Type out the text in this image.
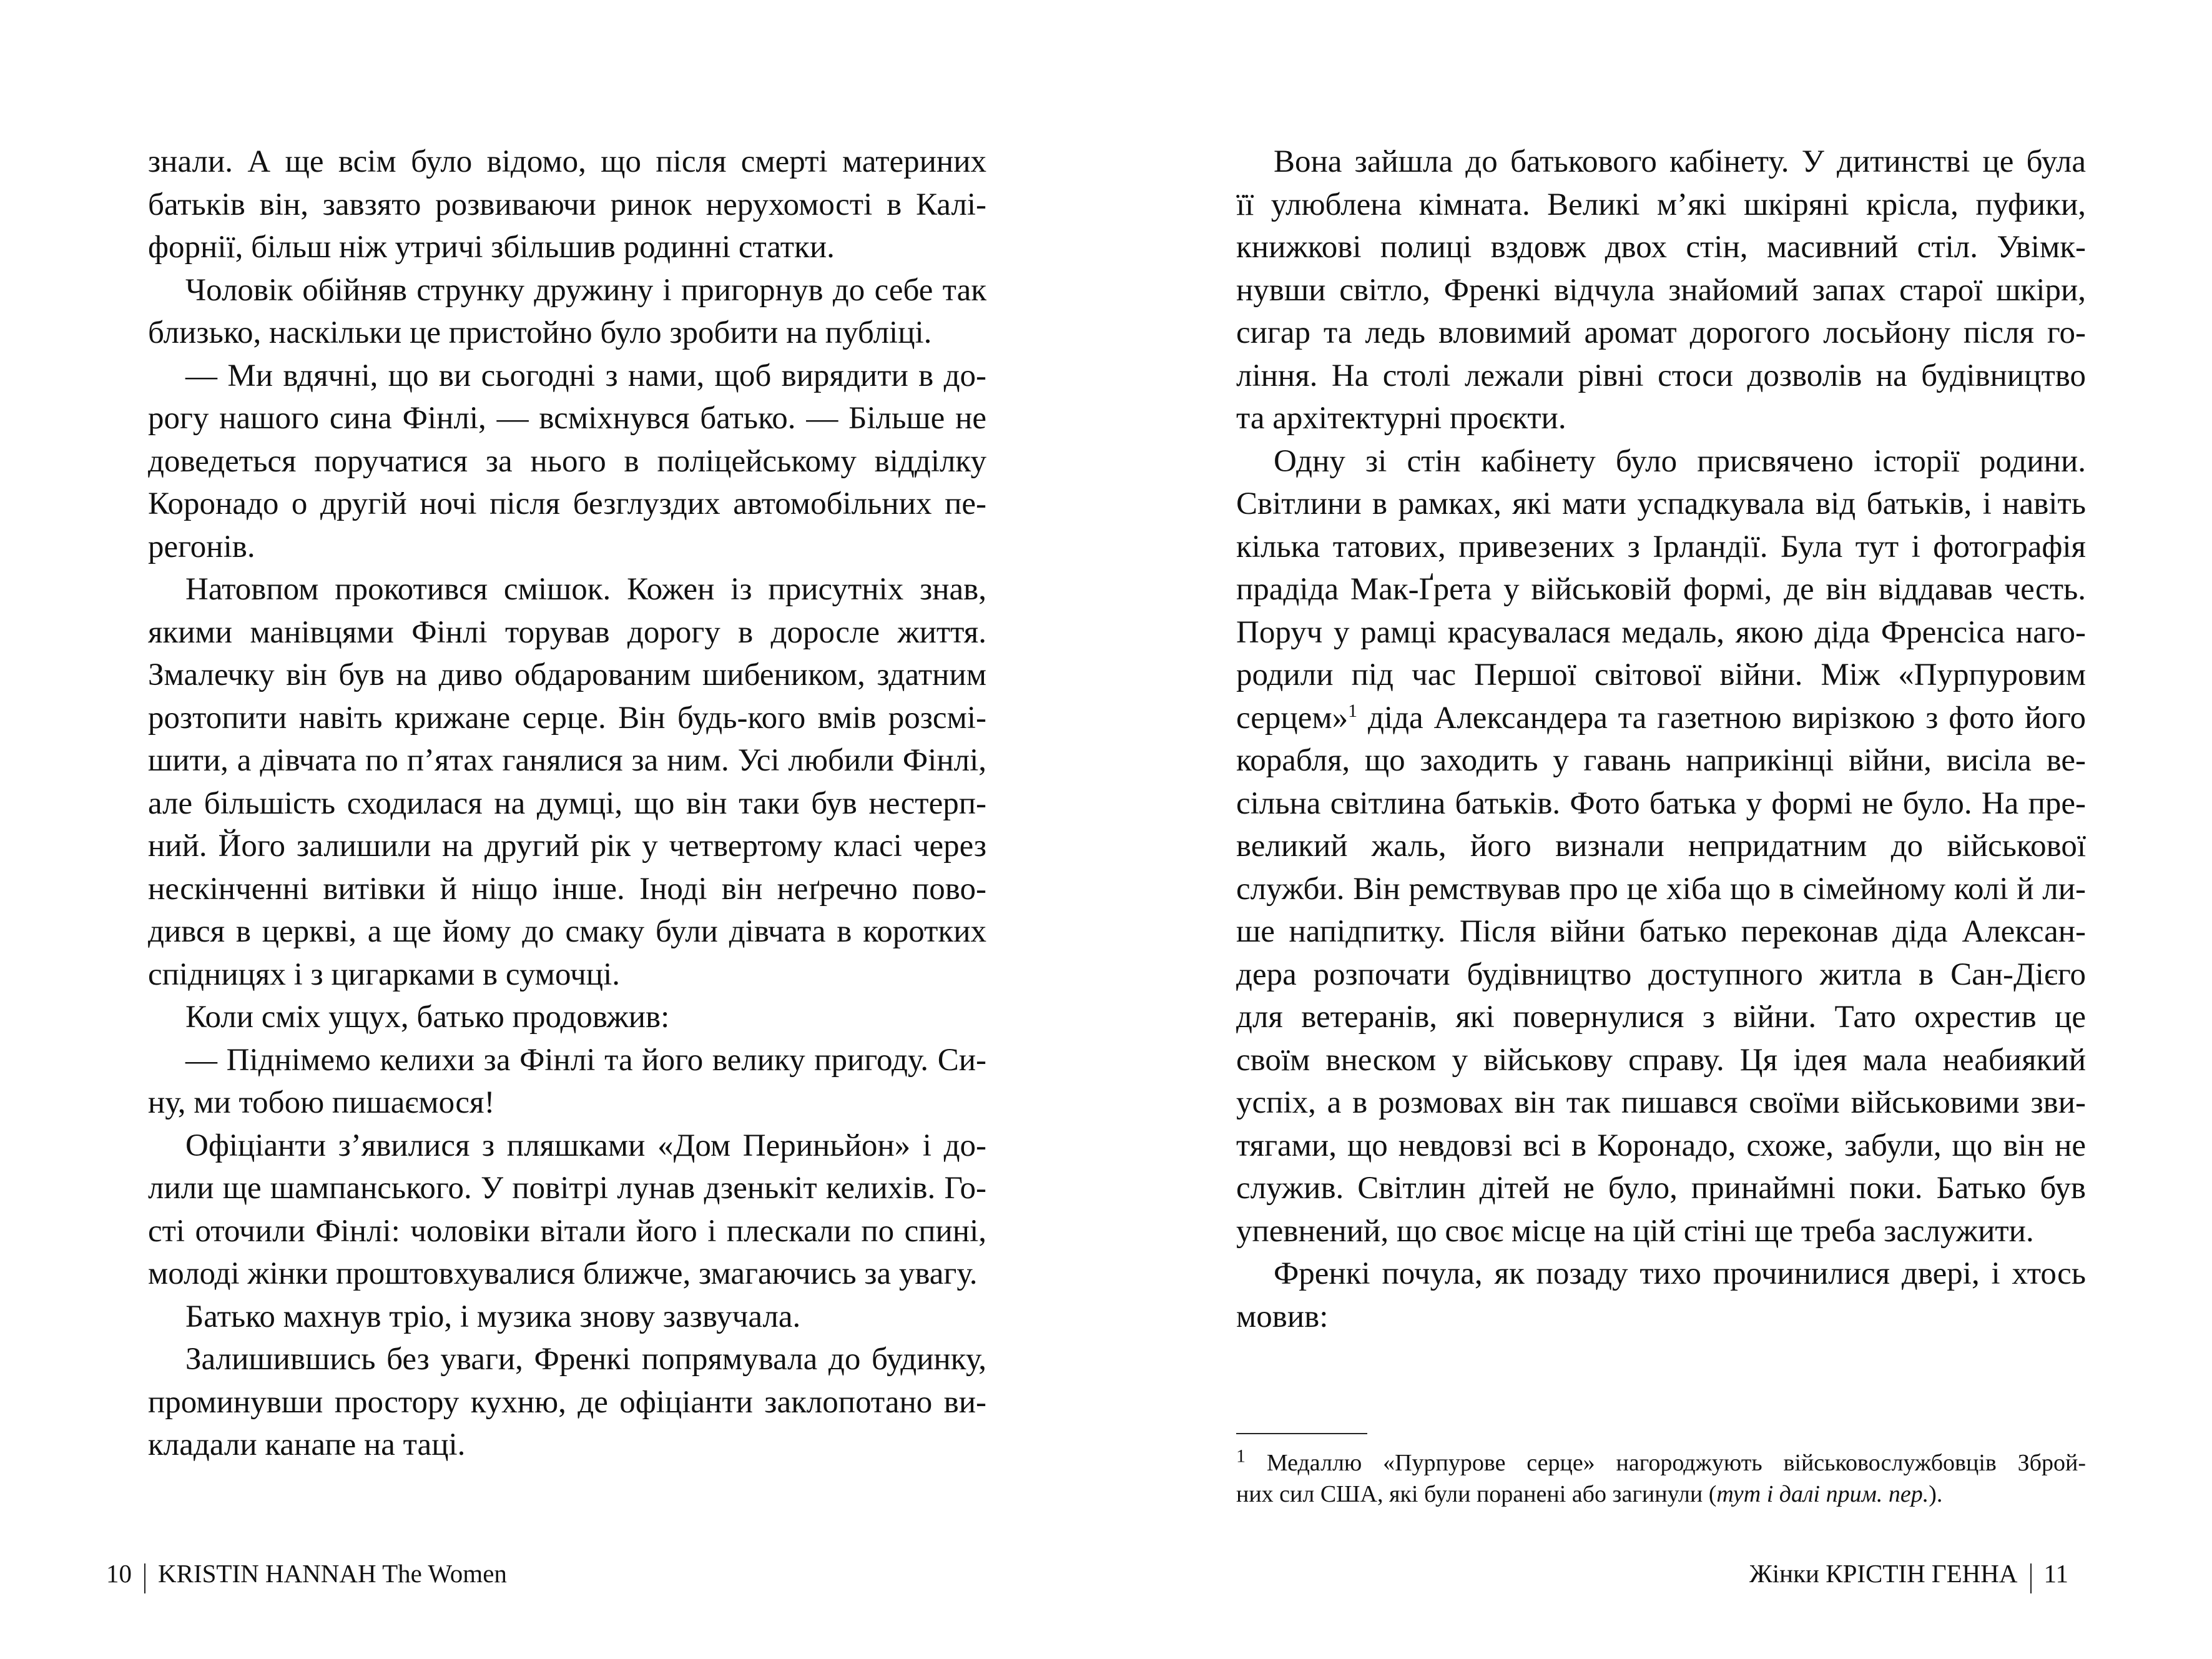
знали. А ще всім було відомо, що після смерті материних
батьків він, завзято розвиваючи ринок нерухомості в Калі-
форнії, більш ніж утричі збільшив родинні статки.
Чоловік обійняв струнку дружину і пригорнув до себе так
близько, наскільки це пристойно було зробити на публіці.
— Ми вдячні, що ви сьогодні з нами, щоб вирядити в до-
рогу нашого сина Фінлі, — всміхнувся батько. — Більше не
доведеться поручатися за нього в поліцейському відділку
Коронадо о другій ночі після безглуздих автомобільних пе-
регонів.
Натовпом прокотився смішок. Кожен із присутніх знав,
якими манівцями Фінлі торував дорогу в доросле життя.
Змалечку він був на диво обдарованим шибеником, здатним
розтопити навіть крижане серце. Він будь-кого вмів розсмі-
шити, а дівчата по п’ятах ганялися за ним. Усі любили Фінлі,
але більшість сходилася на думці, що він таки був нестерп-
ний. Його залишили на другий рік у четвертому класі через
нескінченні витівки й ніщо інше. Іноді він неґречно пово-
дився в церкві, а ще йому до смаку були дівчата в коротких
спідницях і з цигарками в сумочці.
Коли сміх ущух, батько продовжив:
— Піднімемо келихи за Фінлі та його велику пригоду. Си-
ну, ми тобою пишаємося!
Офіціанти з’явилися з пляшками «Дом Периньйон» і до-
лили ще шампанського. У повітрі лунав дзенькіт келихів. Го-
сті оточили Фінлі: чоловіки вітали його і плескали по спині,
молоді жінки проштовхувалися ближче, змагаючись за увагу.
Батько махнув тріо, і музика знову зазвучала.
Залишившись без уваги, Френкі попрямувала до будинку,
проминувши простору кухню, де офіціанти заклопотано ви-
кладали канапе на таці.
10 KRISTIN HANNAH The Women
Вона зайшла до батькового кабінету. У дитинстві це була
її улюблена кімната. Великі м’які шкіряні крісла, пуфики,
книжкові полиці вздовж двох стін, масивний стіл. Увімк-
нувши світло, Френкі відчула знайомий запах старої шкіри,
сигар та ледь вловимий аромат дорогого лосьйону після го-
ління. На столі лежали рівні стоси дозволів на будівництво
та архітектурні проєкти.
Одну зі стін кабінету було присвячено історії родини.
Світлини в рамках, які мати успадкувала від батьків, і навіть
кілька татових, привезених з Ірландії. Була тут і фотографія
прадіда Мак-Ґрета у військовій формі, де він віддавав честь.
Поруч у рамці красувалася медаль, якою діда Френсіса наго-
родили під час Першої світової війни. Між «Пурпуровим
серцем»$^1$ діда Александера та газетною вирізкою з фото його
корабля, що заходить у гавань наприкінці війни, висіла ве-
сільна світлина батьків. Фото батька у формі не було. На пре-
великий жаль, його визнали непридатним до військової
служби. Він ремствував про це хіба що в сімейному колі й ли-
ше напідпитку. Після війни батько переконав діда Алексан-
дера розпочати будівництво доступного житла в Сан-Дієго
для ветеранів, які повернулися з війни. Тато охрестив це
своїм внеском у військову справу. Ця ідея мала неабиякий
успіх, а в розмовах він так пишався своїми військовими зви-
тягами, що невдовзі всі в Коронадо, схоже, забули, що він не
служив. Світлин дітей не було, принаймні поки. Батько був
упевнений, що своє місце на цій стіні ще треба заслужити.
Френкі почула, як позаду тихо прочинилися двері, і хтось
мовив:
$^1$ Медаллю «Пурпурове серце» нагороджують військовослужбовців Зброй-
них сил США, які були поранені або загинули (тут і далі прим. пер.).
Жінки КРІСТІН ГЕННА 11
